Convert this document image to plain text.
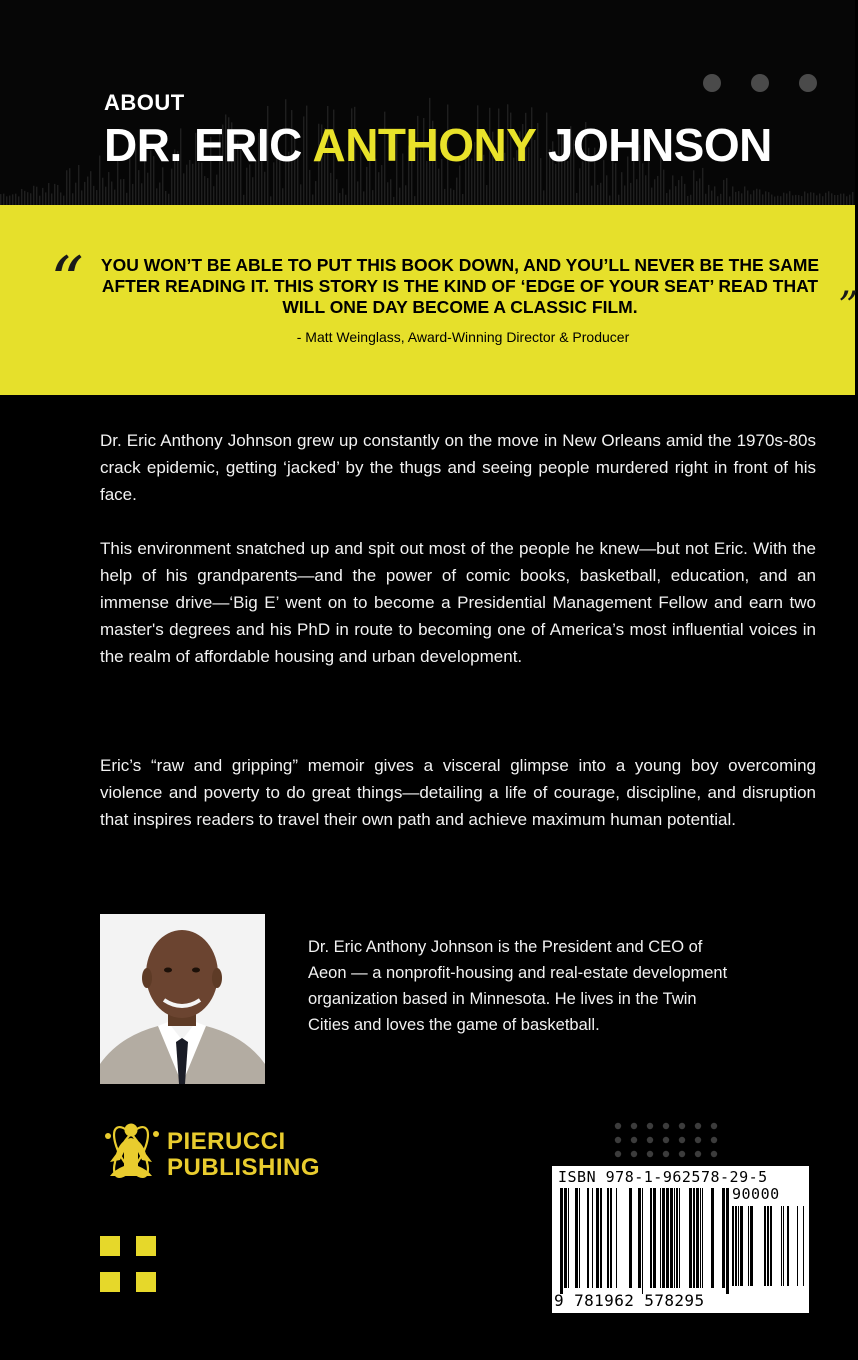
ABOUT
DR. ERIC ANTHONY JOHNSON
“ YOU WON’T BE ABLE TO PUT THIS BOOK DOWN, AND YOU’LL NEVER BE THE SAME AFTER READING IT. THIS STORY IS THE KIND OF ‘EDGE OF YOUR SEAT’ READ THAT WILL ONE DAY BECOME A CLASSIC FILM.	”
- Matt Weinglass, Award-Winning Director & Producer
Dr. Eric Anthony Johnson grew up constantly on the move in New Orleans amid the 1970s-80s crack epidemic, getting ‘jacked’ by the thugs and seeing people murdered right in front of his face.
This environment snatched up and spit out most of the people he knew—but not Eric. With the help of his grandparents—and the power of comic books, basketball, education, and an immense drive—‘Big E’ went on to become a Presidential Management Fellow and earn two master's degrees and his PhD in route to becoming one of America’s most influential voices in the realm of affordable housing and urban development.
Eric’s “raw and gripping” memoir gives a visceral glimpse into a young boy overcoming violence and poverty to do great things—detailing a life of courage, discipline, and disruption that inspires readers to travel their own path and achieve maximum human potential.
Dr. Eric Anthony Johnson is the President and CEO of Aeon — a nonprofit-housing and real-estate development organization based in Minnesota. He lives in the Twin Cities and loves the game of basketball.
PIERUCCI
PUBLISHING	ISBN 978-1-962578-29-5
90000
9 781962 578295
